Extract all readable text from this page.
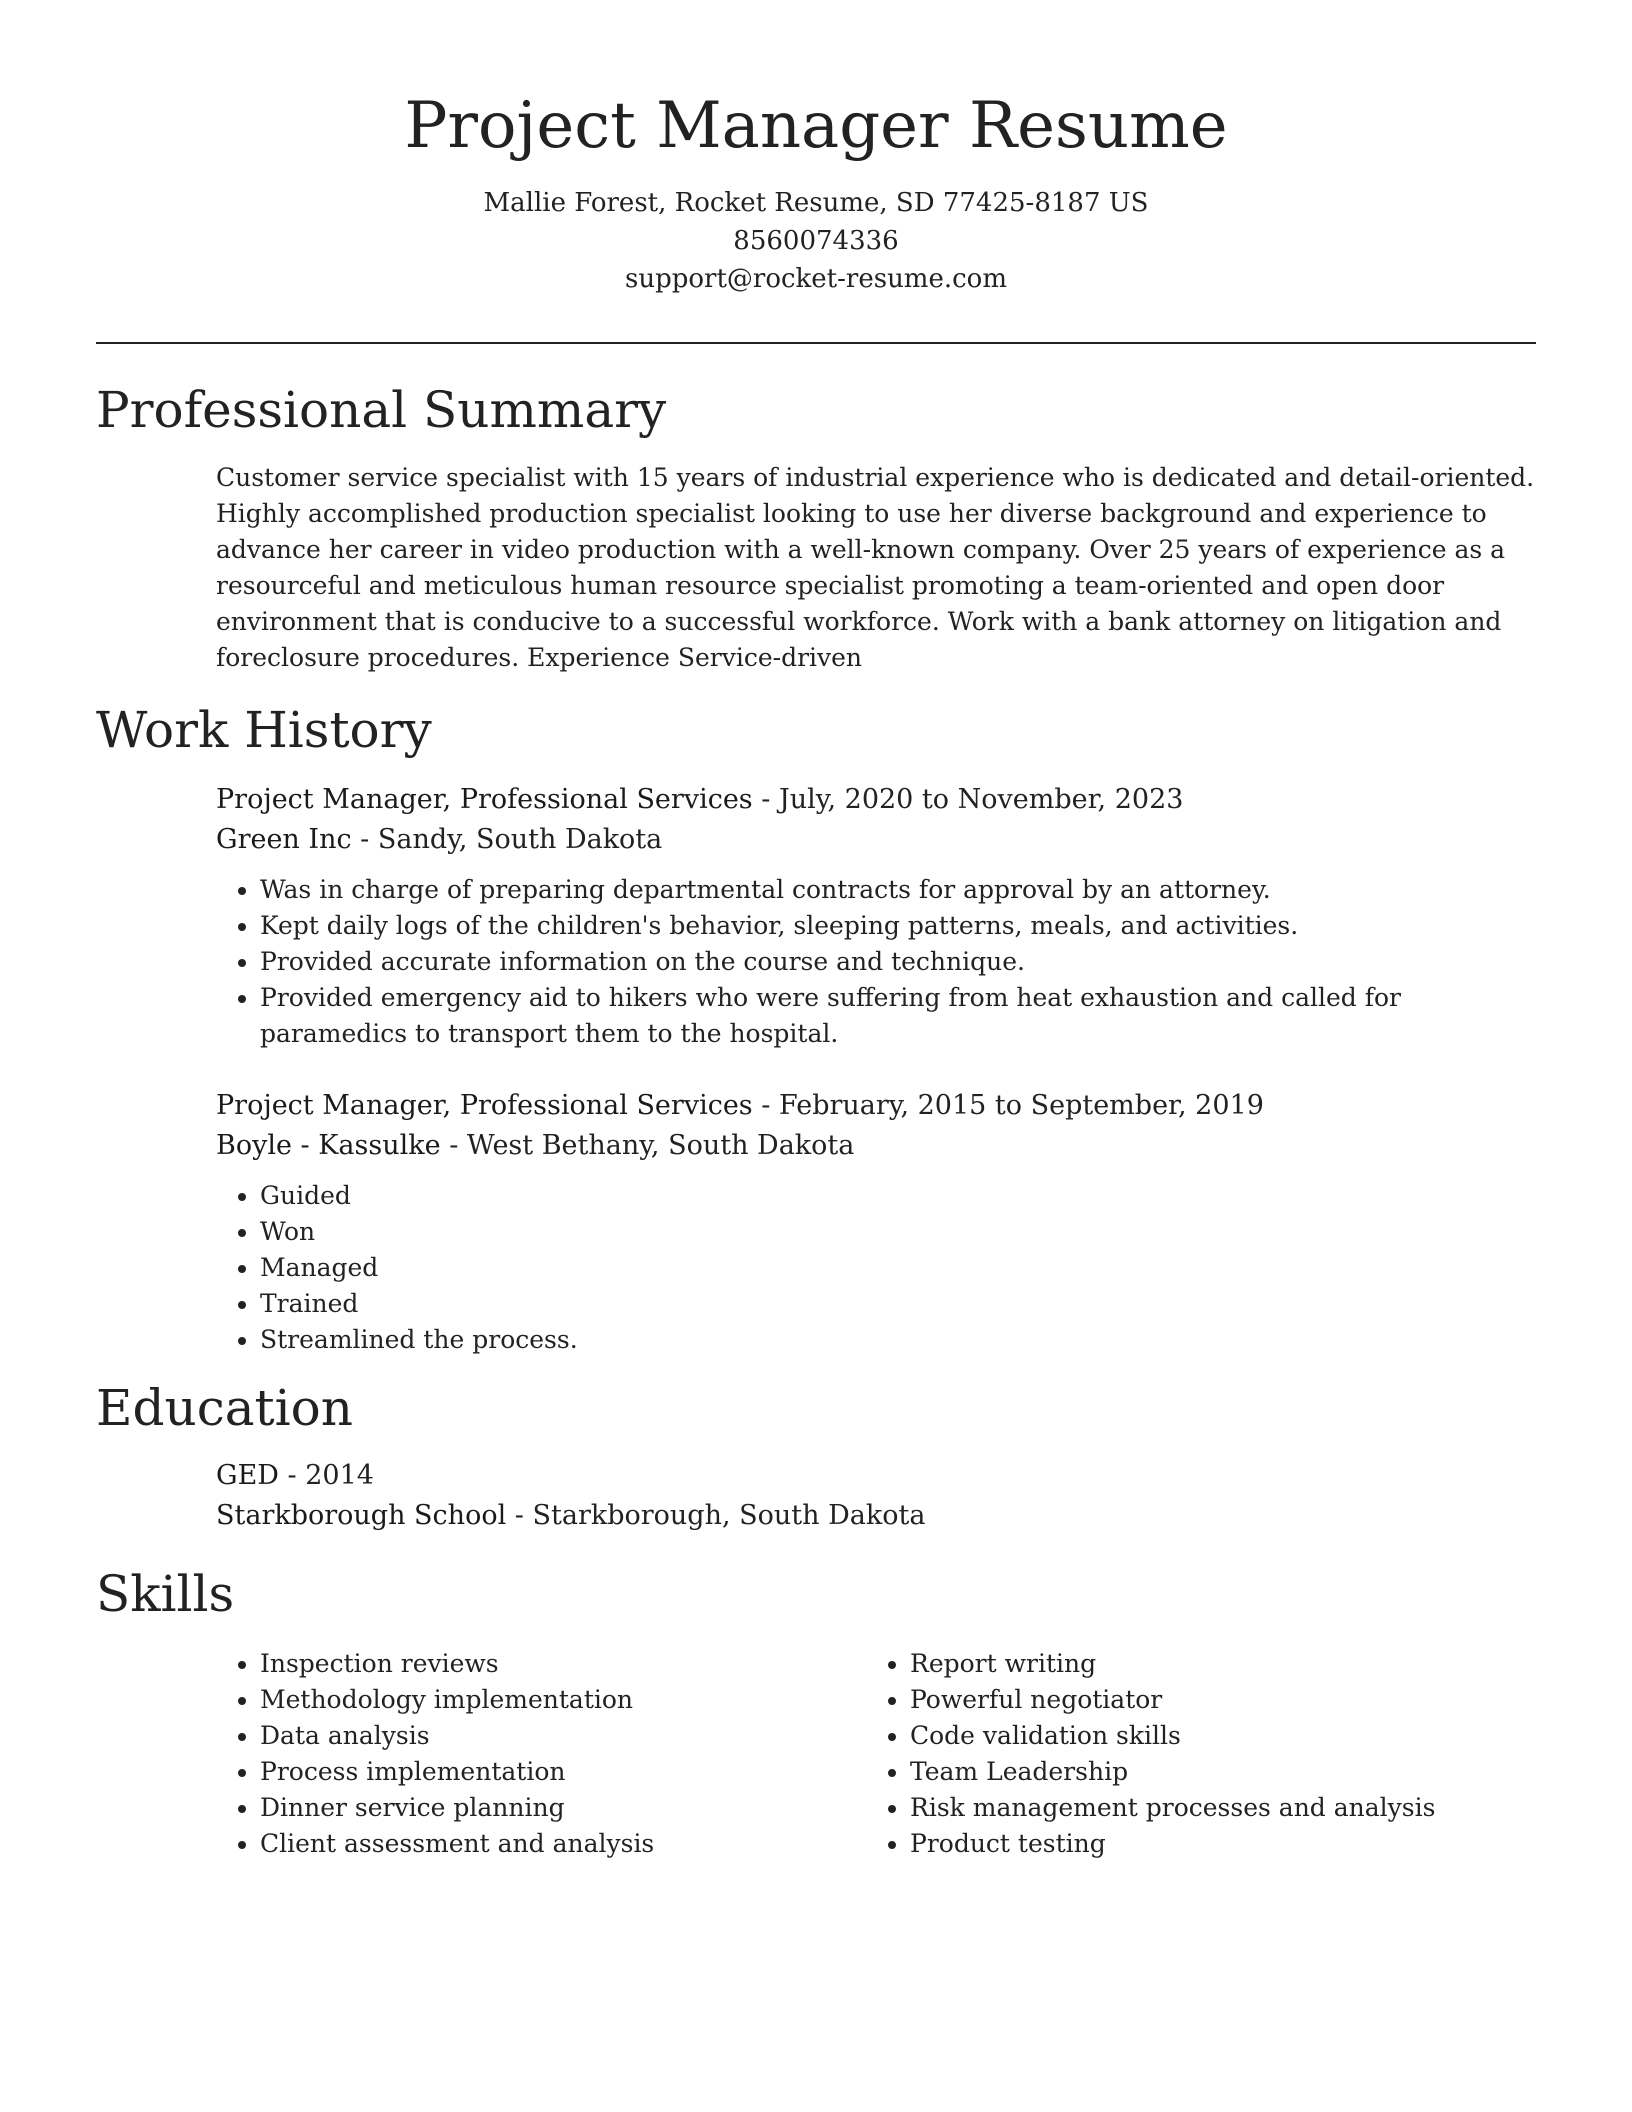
Project Manager Resume

Mallie Forest, Rocket Resume, SD 77425-8187 US

8560074336

support@rocket-resume.com

Professional Summary

Customer service specialist with 15 years of industrial experience who is dedicated and detail-oriented. Highly accomplished production specialist looking to use her diverse background and experience to advance her career in video production with a well-known company. Over 25 years of experience as a resourceful and meticulous human resource specialist promoting a team-oriented and open door environment that is conducive to a successful workforce. Work with a bank attorney on litigation and foreclosure procedures. Experience Service-driven

Work History

Project Manager, Professional Services - July, 2020 to November, 2023

Green Inc - Sandy, South Dakota

• Was in charge of preparing departmental contracts for approval by an attorney.
• Kept daily logs of the children's behavior, sleeping patterns, meals, and activities.
• Provided accurate information on the course and technique.
• Provided emergency aid to hikers who were suffering from heat exhaustion and called for paramedics to transport them to the hospital.

Project Manager, Professional Services - February, 2015 to September, 2019

Boyle - Kassulke - West Bethany, South Dakota

• Guided
• Won
• Managed
• Trained
• Streamlined the process.
Education

GED - 2014

Starkborough School - Starkborough, South Dakota

Skills
• Inspection reviews
• Methodology implementation
• Data analysis
• Process implementation
• Dinner service planning
• Client assessment and analysis
• Report writing
• Powerful negotiator
• Code validation skills
• Team Leadership
• Risk management processes and analysis
• Product testing
